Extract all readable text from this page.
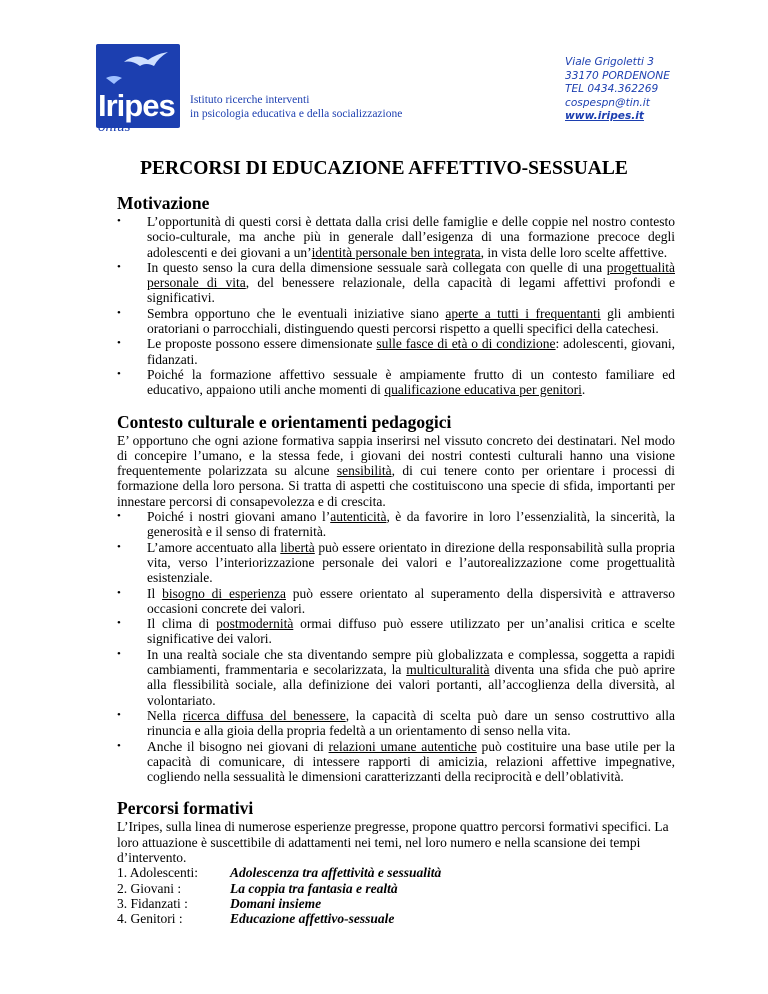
Iripes
onlus
Istituto ricerche interventi
in psicologia educativa e della socializzazione
Viale Grigoletti 3
33170 PORDENONE
TEL 0434.362269
cospespn@tin.it
www.iripes.it
PERCORSI DI EDUCAZIONE AFFETTIVO-SESSUALE
Motivazione
• L’opportunità di questi corsi è dettata dalla crisi delle famiglie e delle coppie nel nostro contesto socio-culturale, ma anche più in generale dall’esigenza di una formazione precoce degli adolescenti e dei giovani a un’identità personale ben integrata, in vista delle loro scelte affettive.
• In questo senso la cura della dimensione sessuale sarà collegata con quelle di una progettualità personale di vita, del benessere relazionale, della capacità di legami affettivi profondi e significativi.
• Sembra opportuno che le eventuali iniziative siano aperte a tutti i frequentanti gli ambienti oratoriani o parrocchiali, distinguendo questi percorsi rispetto a quelli specifici della catechesi.
• Le proposte possono essere dimensionate sulle fasce di età o di condizione: adolescenti, giovani, fidanzati.
• Poiché la formazione affettivo sessuale è ampiamente frutto di un contesto familiare ed educativo, appaiono utili anche momenti di qualificazione educativa per genitori.
Contesto culturale e orientamenti pedagogici

E’ opportuno che ogni azione formativa sappia inserirsi nel vissuto concreto dei destinatari. Nel modo di concepire l’umano, e la stessa fede, i giovani dei nostri contesti culturali hanno una visione frequentemente polarizzata su alcune sensibilità, di cui tenere conto per orientare i processi di formazione della loro persona. Si tratta di aspetti che costituiscono una specie di sfida, importanti per innestare percorsi di consapevolezza e di crescita.

• Poiché i nostri giovani amano l’autenticità, è da favorire in loro l’essenzialità, la sincerità, la generosità e il senso di fraternità.
• L’amore accentuato alla libertà può essere orientato in direzione della responsabilità sulla propria vita, verso l’interiorizzazione personale dei valori e l’autorealizzazione come progettualità esistenziale.
• Il bisogno di esperienza può essere orientato al superamento della dispersività e attraverso occasioni concrete dei valori.
• Il clima di postmodernità ormai diffuso può essere utilizzato per un’analisi critica e scelte significative dei valori.
• In una realtà sociale che sta diventando sempre più globalizzata e complessa, soggetta a rapidi cambiamenti, frammentaria e secolarizzata, la multiculturalità diventa una sfida che può aprire alla flessibilità sociale, alla definizione dei valori portanti, all’accoglienza della diversità, al volontariato.
• Nella ricerca diffusa del benessere, la capacità di scelta può dare un senso costruttivo alla rinuncia e alla gioia della propria fedeltà a un orientamento di senso nella vita.
• Anche il bisogno nei giovani di relazioni umane autentiche può costituire una base utile per la capacità di comunicare, di intessere rapporti di amicizia, relazioni affettive impegnative, cogliendo nella sessualità le dimensioni caratterizzanti della reciprocità e dell’oblatività.
Percorsi formativi

L’Iripes, sulla linea di numerose esperienze pregresse, propone quattro percorsi formativi specifici. La loro attuazione è suscettibile di adattamenti nei temi, nel loro numero e nella scansione dei tempi d’intervento.

1. Adolescenti:	Adolescenza tra affettività e sessualità
2. Giovani :	La coppia tra fantasia e realtà
3. Fidanzati :	Domani insieme
4. Genitori :	Educazione affettivo-sessuale
